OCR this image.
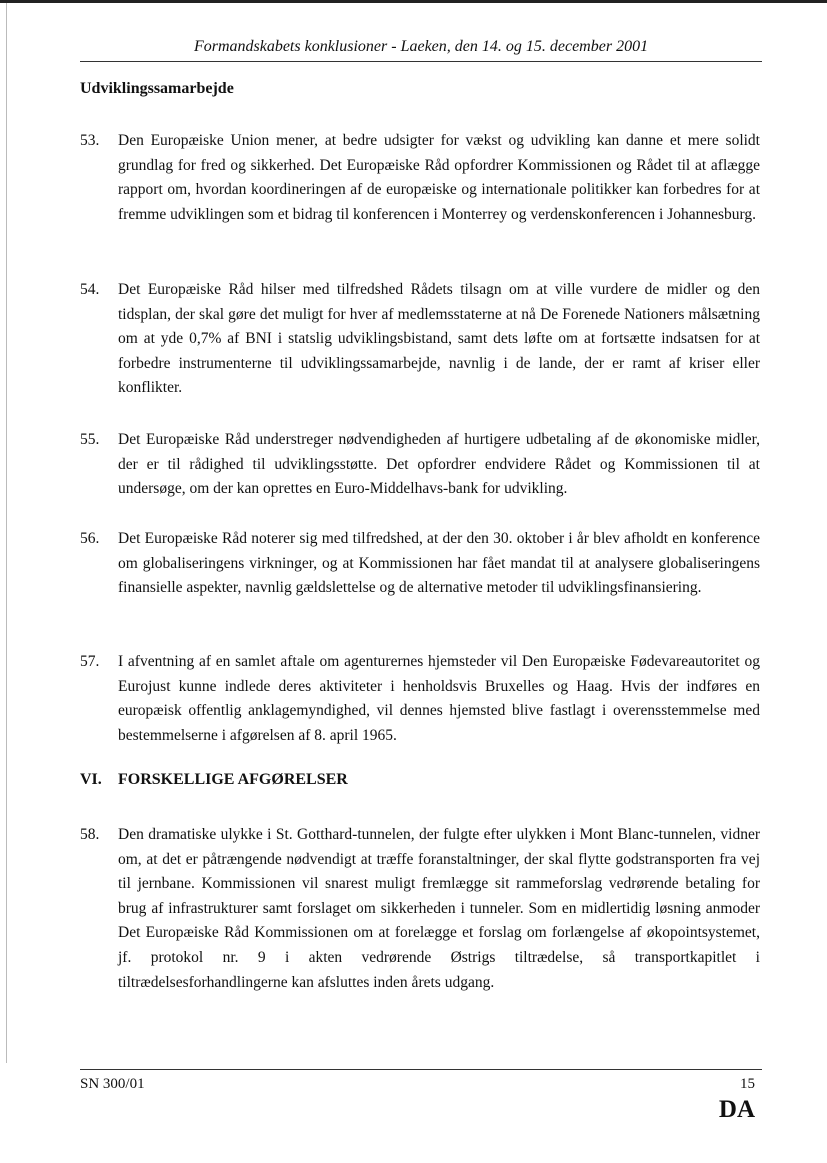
Formandskabets konklusioner - Laeken, den 14. og 15. december 2001
Udviklingssamarbejde
53.	Den Europæiske Union mener, at bedre udsigter for vækst og udvikling kan danne et mere solidt grundlag for fred og sikkerhed. Det Europæiske Råd opfordrer Kommissionen og Rådet til at aflægge rapport om, hvordan koordineringen af de europæiske og internationale politikker kan forbedres for at fremme udviklingen som et bidrag til konferencen i Monterrey og verdenskonferencen i Johannesburg.
54.	Det Europæiske Råd hilser med tilfredshed Rådets tilsagn om at ville vurdere de midler og den tidsplan, der skal gøre det muligt for hver af medlemsstaterne at nå De Forenede Nationers målsætning om at yde 0,7% af BNI i statslig udviklingsbistand, samt dets løfte om at fortsætte indsatsen for at forbedre instrumenterne til udviklingssamarbejde, navnlig i de lande, der er ramt af kriser eller konflikter.
55.	Det Europæiske Råd understreger nødvendigheden af hurtigere udbetaling af de økonomiske midler, der er til rådighed til udviklingsstøtte. Det opfordrer endvidere Rådet og Kommissionen til at undersøge, om der kan oprettes en Euro-Middelhavs-bank for udvikling.
56.	Det Europæiske Råd noterer sig med tilfredshed, at der den 30. oktober i år blev afholdt en konference om globaliseringens virkninger, og at Kommissionen har fået mandat til at analysere globaliseringens finansielle aspekter, navnlig gældslettelse og de alternative metoder til udviklingsfinansiering.
57.	I afventning af en samlet aftale om agenturernes hjemsteder vil Den Europæiske Fødevareautoritet og Eurojust kunne indlede deres aktiviteter i henholdsvis Bruxelles og Haag. Hvis der indføres en europæisk offentlig anklagemyndighed, vil dennes hjemsted blive fastlagt i overensstemmelse med bestemmelserne i afgørelsen af 8. april 1965.
VI. FORSKELLIGE AFGØRELSER
58.	Den dramatiske ulykke i St. Gotthard-tunnelen, der fulgte efter ulykken i Mont Blanc-tunnelen, vidner om, at det er påtrængende nødvendigt at træffe foranstaltninger, der skal flytte godstransporten fra vej til jernbane. Kommissionen vil snarest muligt fremlægge sit rammeforslag vedrørende betaling for brug af infrastrukturer samt forslaget om sikkerheden i tunneler. Som en midlertidig løsning anmoder Det Europæiske Råd Kommissionen om at forelægge et forslag om forlængelse af økopointsystemet, jf. protokol nr. 9 i akten vedrørende Østrigs tiltrædelse, så transportkapitlet i tiltrædelsesforhandlingerne kan afsluttes inden årets udgang.
SN 300/01	15
DA
